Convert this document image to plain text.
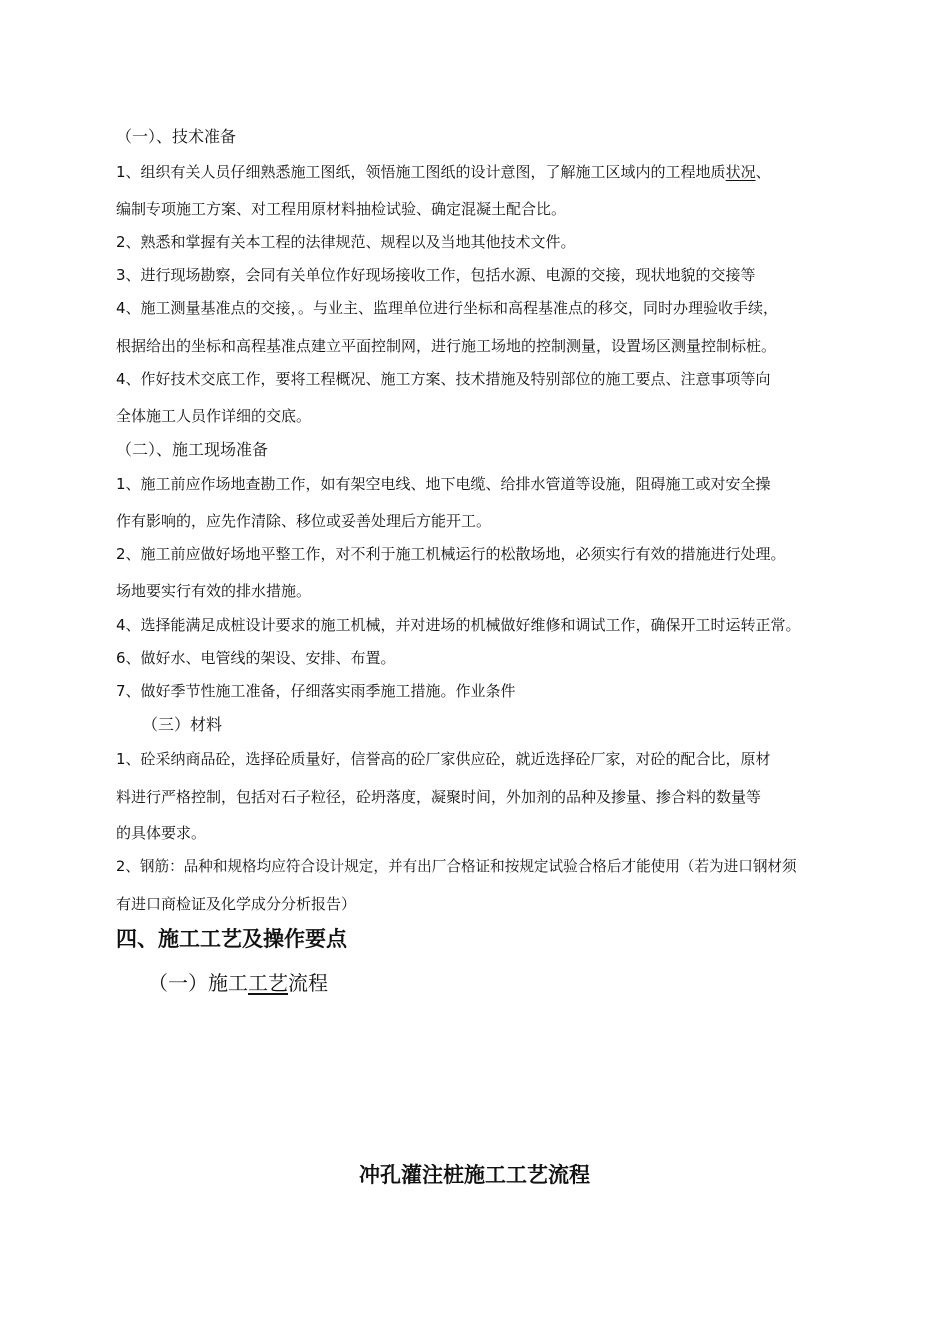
（一）、技术准备
1、组织有关人员仔细熟悉施工图纸，领悟施工图纸的设计意图，了解施工区域内的工程地质状况、
编制专项施工方案、对工程用原材料抽检试验、确定混凝土配合比。
2、熟悉和掌握有关本工程的法律规范、规程以及当地其他技术文件。
3、进行现场勘察，会同有关单位作好现场接收工作，包括水源、电源的交接，现状地貌的交接等
4、施工测量基准点的交接，。与业主、监理单位进行坐标和高程基准点的移交，同时办理验收手续，
根据给出的坐标和高程基准点建立平面控制网，进行施工场地的控制测量，设置场区测量控制标桩。
4、作好技术交底工作，要将工程概况、施工方案、技术措施及特别部位的施工要点、注意事项等向
全体施工人员作详细的交底。
（二）、施工现场准备
1、施工前应作场地查勘工作，如有架空电线、地下电缆、给排水管道等设施，阻碍施工或对安全操
作有影响的，应先作清除、移位或妥善处理后方能开工。
2、施工前应做好场地平整工作，对不利于施工机械运行的松散场地，必须实行有效的措施进行处理。
场地要实行有效的排水措施。
4、选择能满足成桩设计要求的施工机械，并对进场的机械做好维修和调试工作，确保开工时运转正常。
6、做好水、电管线的架设、安排、布置。
7、做好季节性施工准备，仔细落实雨季施工措施。作业条件
（三）材料
1、砼采纳商品砼，选择砼质量好，信誉高的砼厂家供应砼，就近选择砼厂家，对砼的配合比，原材
料进行严格控制，包括对石子粒径，砼坍落度，凝聚时间，外加剂的品种及掺量、掺合料的数量等
的具体要求。
2、钢筋：品种和规格均应符合设计规定，并有出厂合格证和按规定试验合格后才能使用（若为进口钢材须
有进口商检证及化学成分分析报告）
四、施工工艺及操作要点
（一）施工工艺流程
冲孔灌注桩施工工艺流程
